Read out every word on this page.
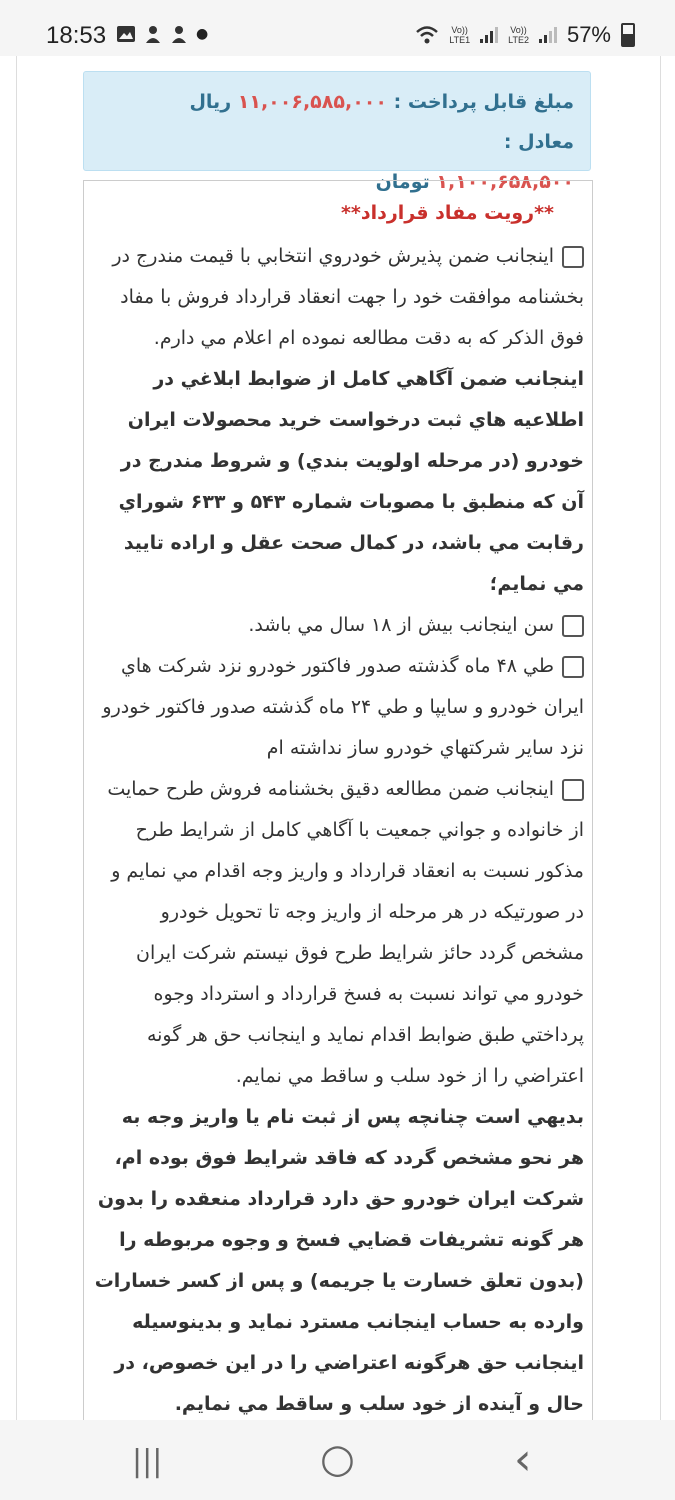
18:53	●	Vo))
LTE1
Vo))
LTE2 57%
مبلغ قابل پرداخت : ۱۱,۰۰۶,۵۸۵,۰۰۰ ریال      معادل :
۱,۱۰۰,۶۵۸,۵۰۰ تومان
**رويت مفاد قرارداد**

اينجانب ضمن پذيرش خودروي انتخابي با قيمت مندرج در بخشنامه موافقت خود را جهت انعقاد قرارداد فروش با مفاد فوق الذکر که به دقت مطالعه نموده ام اعلام مي دارم.

اينجانب ضمن آگاهي کامل از ضوابط ابلاغي در اطلاعيه هاي ثبت درخواست خريد محصولات ايران خودرو (در مرحله اولويت بندي) و شروط مندرج در آن که منطبق با مصوبات شماره ۵۴۳ و ۶۳۳ شوراي رقابت مي باشد، در کمال صحت عقل و اراده تاييد مي نمايم؛

سن اينجانب بيش از ۱۸ سال مي باشد.

طي ۴۸ ماه گذشته صدور فاکتور خودرو نزد شرکت هاي ايران خودرو و سايپا و طي ۲۴ ماه گذشته صدور فاکتور خودرو نزد ساير شرکتهاي خودرو ساز نداشته ام

اينجانب ضمن مطالعه دقيق بخشنامه فروش طرح حمايت از خانواده و جواني جمعيت با آگاهي کامل از شرايط طرح مذکور نسبت به انعقاد قرارداد و واريز وجه اقدام مي نمايم و در صورتيکه در هر مرحله از واريز وجه تا تحويل خودرو مشخص گردد حائز شرايط طرح فوق نيستم شرکت ايران خودرو مي تواند نسبت به فسخ قرارداد و استرداد وجوه پرداختي طبق ضوابط اقدام نمايد و اينجانب حق هر گونه اعتراضي را از خود سلب و ساقط مي نمايم.

بديهي است چنانچه پس از ثبت نام يا واريز وجه به هر نحو مشخص گردد که فاقد شرايط فوق بوده ام، شرکت ايران خودرو حق دارد قرارداد منعقده را بدون هر گونه تشريفات قضايي فسخ و وجوه مربوطه را (بدون تعلق خسارت يا جريمه) و پس از کسر خسارات وارده به حساب اينجانب مسترد نمايد و بدينوسيله اينجانب حق هرگونه اعتراضي را در اين خصوص، در حال و آينده از خود سلب و ساقط مي نمايم.

|||	○	‹
